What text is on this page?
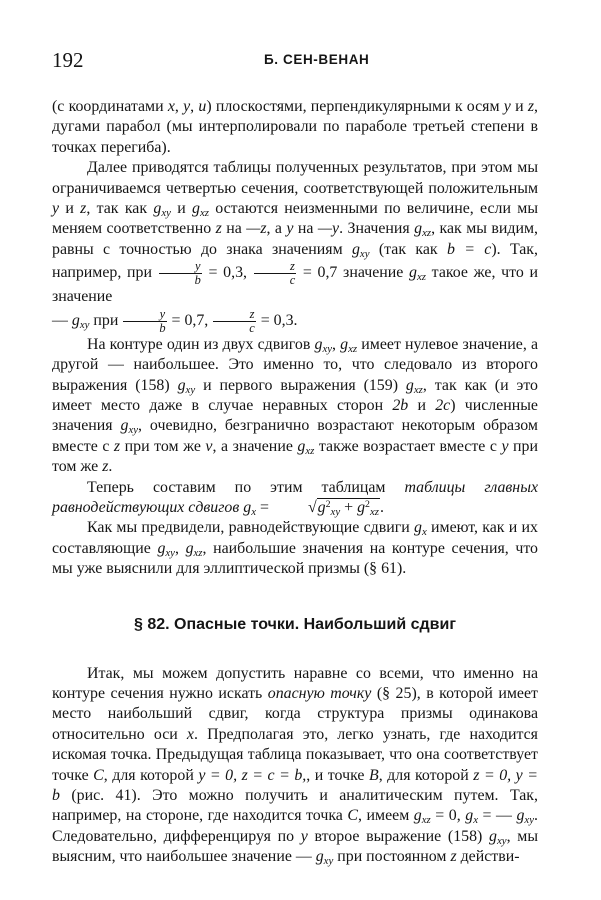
192	Б. СЕН-ВЕНАН

(с координатами x, y, u) плоскостями, перпендикулярными к осям y и z, дугами парабол (мы интерполировали по параболе третьей степени в точках перегиба).

Далее приводятся таблицы полученных результатов, при этом мы ограничиваемся четвертью сечения, соответствующей положительным y и z, так как $g_{xy}$ и $g_{xz}$ остаются неизменными по величине, если мы меняем соответственно z на —z, а y на —y. Значения $g_{xz}$, как мы видим, равны с точностью до знака значениям $g_{xy}$ (так как b = c). Так, например, при $\frac{y}{b} = 0,3$, $\frac{z}{c} = 0,7$ значение $g_{xz}$ такое же, что и значение
— $g_{xy}$ при $\frac{y}{b} = 0,7$, $\frac{z}{c} = 0,3$.

На контуре один из двух сдвигов $g_{xy}$, $g_{xz}$ имеет нулевое значение, а другой — наибольшее. Это именно то, что следовало из второго выражения (158) $g_{xy}$ и первого выражения (159) $g_{xz}$, так как (и это имеет место даже в случае неравных сторон 2b и 2c) численные значения $g_{xy}$, очевидно, безгранично возрастают некоторым образом вместе с z при том же v, а значение $g_{xz}$ также возрастает вместе с y при том же z.

Теперь составим по этим таблицам таблицы главных равнодействующих сдвигов $g_x = √g^2_{xy} + g^2_{xz}$.

Как мы предвидели, равнодействующие сдвиги $g_x$ имеют, как и их составляющие $g_{xy}$, $g_{xz}$, наибольшие значения на контуре сечения, что мы уже выяснили для эллиптической призмы (§ 61).

§ 82. Опасные точки. Наибольший сдвиг

Итак, мы можем допустить наравне со всеми, что именно на контуре сечения нужно искать опасную точку (§ 25), в которой имеет место наибольший сдвиг, когда структура призмы одинакова относительно оси x. Предполагая это, легко узнать, где находится искомая точка. Предыдущая таблица показывает, что она соответствует точке C, для которой y = 0, z = c = b,, и точке B, для которой z = 0, y = b (рис. 41). Это можно получить и аналитическим путем. Так, например, на стороне, где находится точка C, имеем $g_{xz} = 0$, $g_x$ = — $g_{xy}$. Следовательно, дифференцируя по y второе выражение (158) $g_{xy}$, мы выясним, что наибольшее значение — $g_{xy}$ при постоянном z действи-
